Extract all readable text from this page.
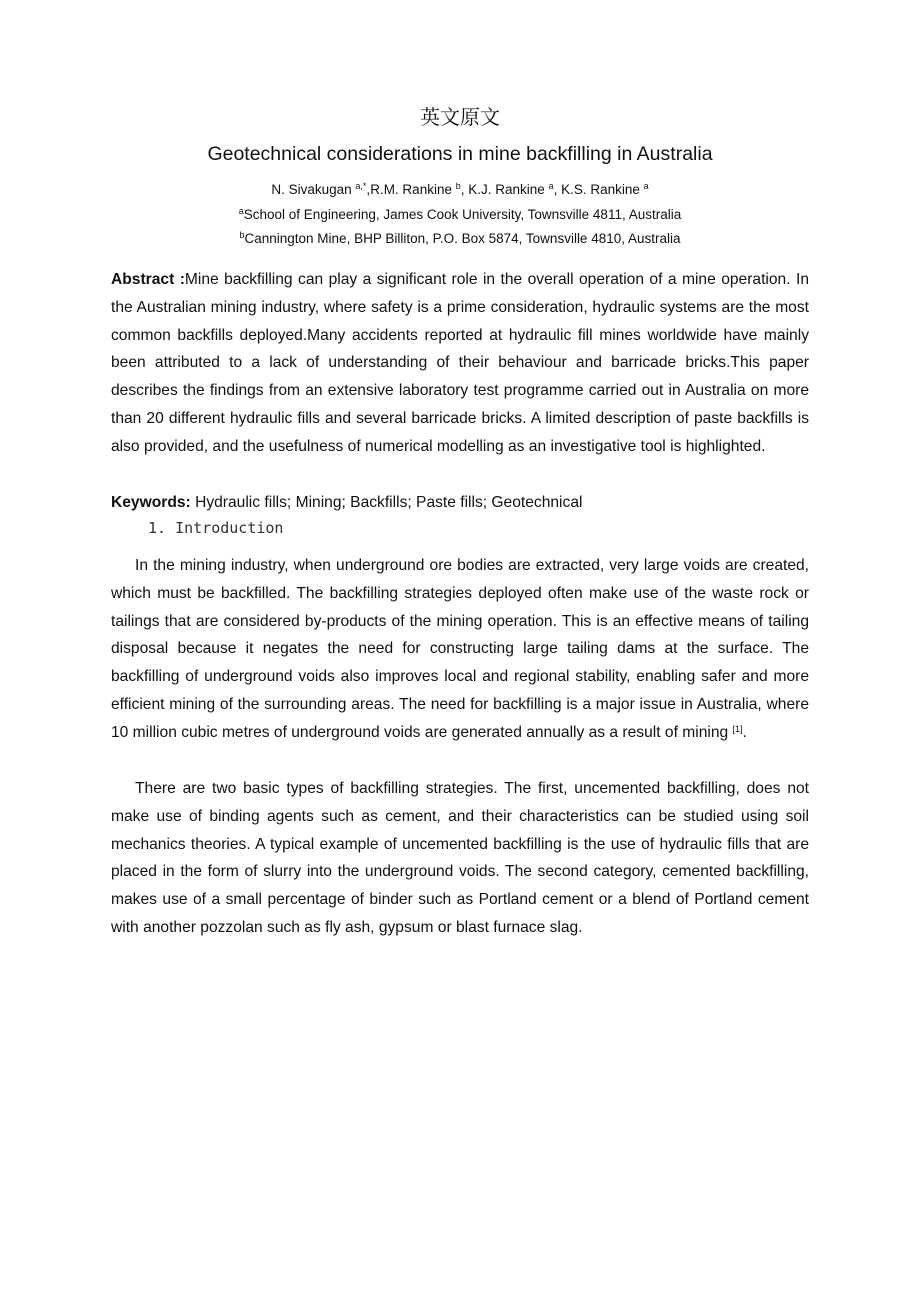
英文原文
Geotechnical considerations in mine backfilling in Australia
N. Sivakugan $^{a,*}$,R.M. Rankine $^b$, K.J. Rankine $^a$, K.S. Rankine $^a$
$^a$School of Engineering, James Cook University, Townsville 4811, Australia
$^b$Cannington Mine, BHP Billiton, P.O. Box 5874, Townsville 4810, Australia
Abstract :Mine backfilling can play a significant role in the overall operation of a mine operation. In the Australian mining industry, where safety is a prime consideration, hydraulic systems are the most common backfills deployed.Many accidents reported at hydraulic fill mines worldwide have mainly been attributed to a lack of understanding of their behaviour and barricade bricks.This paper describes the findings from an extensive laboratory test programme carried out in Australia on more than 20 different hydraulic fills and several barricade bricks. A limited description of paste backfills is also provided, and the usefulness of numerical modelling as an investigative tool is highlighted.
Keywords: Hydraulic fills; Mining; Backfills; Paste fills; Geotechnical
1. Introduction
In the mining industry, when underground ore bodies are extracted, very large voids are created, which must be backfilled. The backfilling strategies deployed often make use of the waste rock or tailings that are considered by-products of the mining operation. This is an effective means of tailing disposal because it negates the need for constructing large tailing dams at the surface. The backfilling of underground voids also improves local and regional stability, enabling safer and more efficient mining of the surrounding areas. The need for backfilling is a major issue in Australia, where 10 million cubic metres of underground voids are generated annually as a result of mining [1].
There are two basic types of backfilling strategies. The first, uncemented backfilling, does not make use of binding agents such as cement, and their characteristics can be studied using soil mechanics theories. A typical example of uncemented backfilling is the use of hydraulic fills that are placed in the form of slurry into the underground voids. The second category, cemented backfilling, makes use of a small percentage of binder such as Portland cement or a blend of Portland cement with another pozzolan such as fly ash, gypsum or blast furnace slag.
